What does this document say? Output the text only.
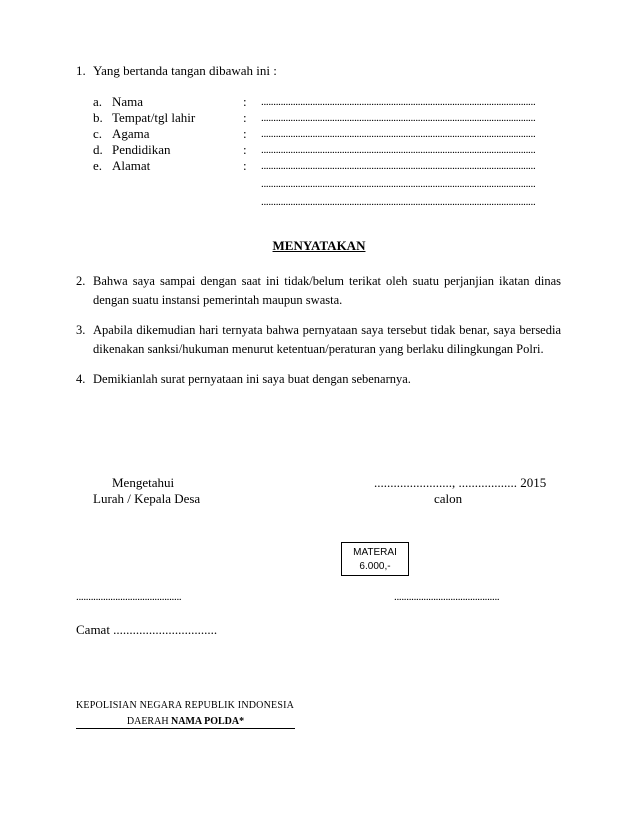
1. Yang bertanda tangan dibawah ini :
a. Nama	: ................................................................................................................
b. Tempat/tgl lahir	: ................................................................................................................
c. Agama	: ................................................................................................................
d. Pendidikan	: ................................................................................................................
e. Alamat	: ................................................................................................................
................................................................................................................
................................................................................................................
MENYATAKAN
2. Bahwa saya sampai dengan saat ini tidak/belum terikat oleh suatu perjanjian ikatan dinas dengan suatu instansi pemerintah maupun swasta.
3. Apabila dikemudian hari ternyata bahwa pernyataan saya tersebut tidak benar, saya bersedia dikenakan sanksi/hukuman menurut ketentuan/peraturan yang berlaku dilingkungan Polri.
4. Demikianlah surat pernyataan ini saya buat dengan sebenarnya.
Mengetahui
Lurah / Kepala Desa
........................, .................. 2015
calon
MATERAI
6.000,-
...........................................	...........................................
Camat ................................
KEPOLISIAN NEGARA REPUBLIK INDONESIA
DAERAH NAMA POLDA*
